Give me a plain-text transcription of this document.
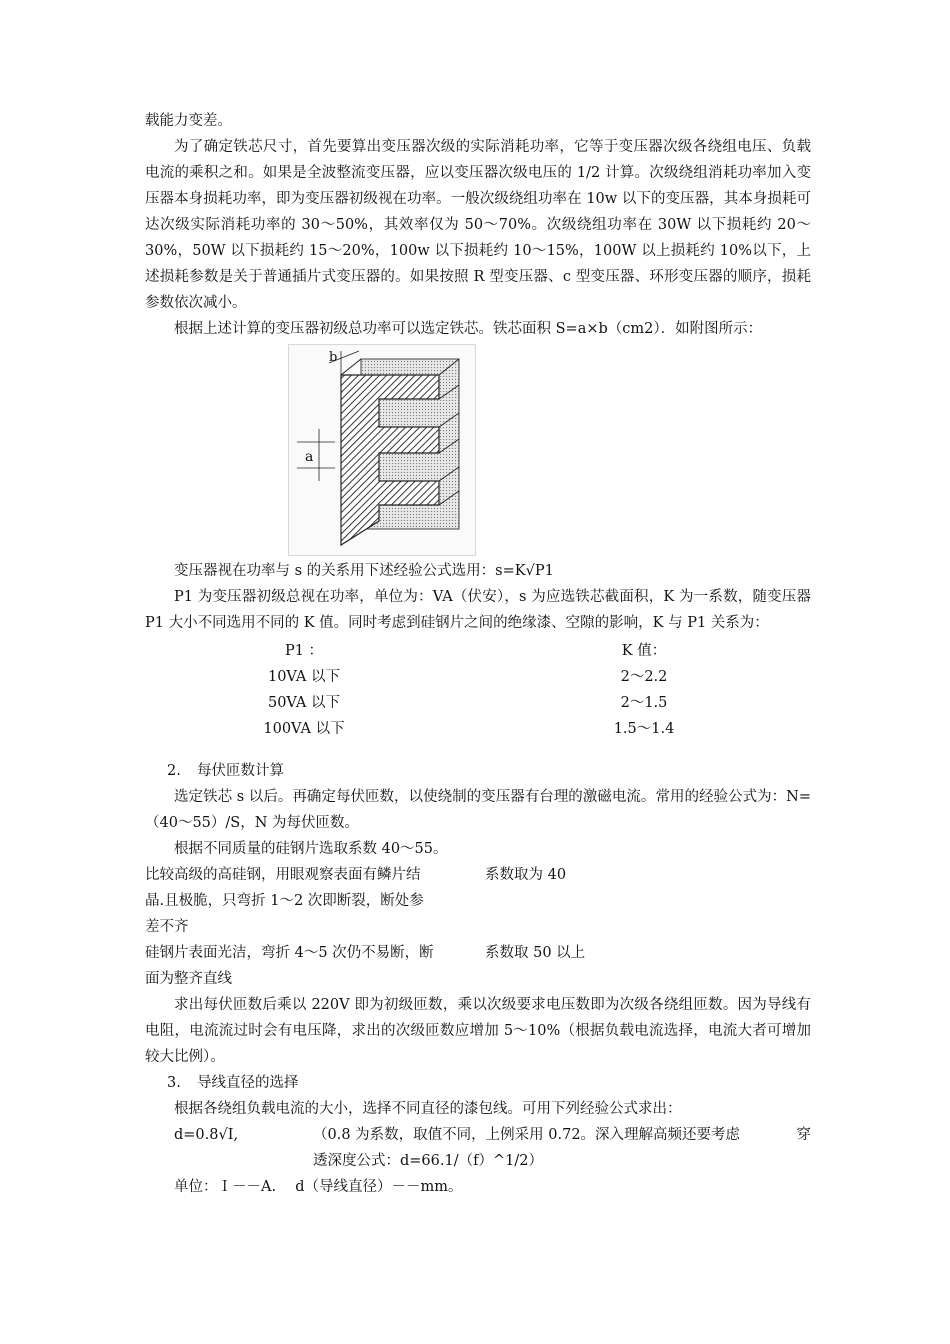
载能力变差。

为了确定铁芯尺寸，首先要算出变压器次级的实际消耗功率，它等于变压器次级各绕组电压、负载电流的乘积之和。如果是全波整流变压器，应以变压器次级电压的 1/2 计算。次级绕组消耗功率加入变压器本身损耗功率，即为变压器初级视在功率。一般次级绕组功率在 10w 以下的变压器，其本身损耗可达次级实际消耗功率的 30～50%，其效率仅为 50～70%。次级绕组功率在 30W 以下损耗约 20～30%，50W 以下损耗约 15～20%，100w 以下损耗约 10～15%，100W 以上损耗约 10%以下，上述损耗参数是关于普通插片式变压器的。如果按照 R 型变压器、c 型变压器、环形变压器的顺序，损耗参数依次减小。

根据上述计算的变压器初级总功率可以选定铁芯。铁芯面积 S=a×b（cm2）．如附图所示：

b
a

变压器视在功率与 s 的关系用下述经验公式选用：s=K√P1

P1 为变压器初级总视在功率，单位为：VA（伏安），s 为应选铁芯截面积，K 为一系数，随变压器 P1 大小不同选用不同的 K 值。同时考虑到硅钢片之间的绝缘漆、空隙的影响，K 与 P1 关系为：

P1 ：	K 值：
10VA 以下	2～2.2
50VA 以下	2～1.5
100VA 以下	1.5～1.4

2. 每伏匝数计算

选定铁芯 s 以后。再确定每伏匝数，以使绕制的变压器有台理的激磁电流。常用的经验公式为：N=（40～55）/S，N 为每伏匝数。

根据不同质量的硅钢片选取系数 40～55。

比较高级的高硅钢，用眼观察表面有鳞片结	系数取为 40
晶.且极脆，只弯折 1～2 次即断裂，断处参
差不齐
硅钢片表面光洁，弯折 4～5 次仍不易断，断	系数取 50 以上
面为整齐直线

求出每伏匝数后乘以 220V 即为初级匝数，乘以次级要求电压数即为次级各绕组匝数。因为导线有电阻，电流流过时会有电压降，求出的次级匝数应增加 5～10%（根据负载电流选择，电流大者可增加较大比例）。

3. 导线直径的选择

根据各绕组负载电流的大小，选择不同直径的漆包线。可用下列经验公式求出：

d=0.8√I,	（0.8 为系数，取值不同，上例采用 0.72。深入理解高频还要考虑	穿
透深度公式：d=66.1/（f）^1/2）

单位：Ｉ－－A.　 d（导线直径）－－mm。
